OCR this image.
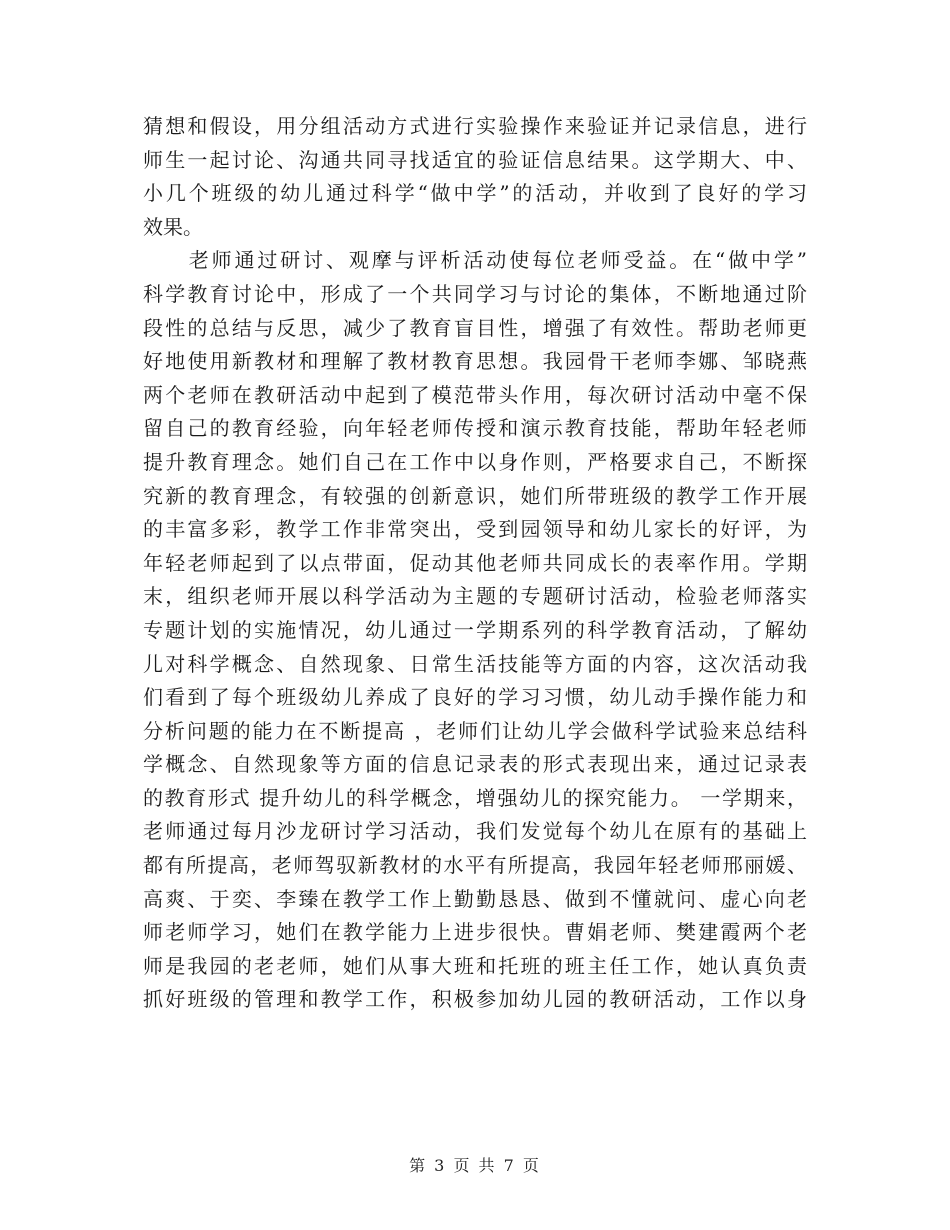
猜想和假设，用分组活动方式进行实验操作来验证并记录信息，进行
师生一起讨论、沟通共同寻找适宜的验证信息结果。这学期大、中、
小几个班级的幼儿通过科学“做中学”的活动，并收到了良好的学习
效果。
　　老师通过研讨、观摩与评析活动使每位老师受益。在“做中学”
科学教育讨论中，形成了一个共同学习与讨论的集体，不断地通过阶
段性的总结与反思，减少了教育盲目性，增强了有效性。帮助老师更
好地使用新教材和理解了教材教育思想。我园骨干老师李娜、邹晓燕
两个老师在教研活动中起到了模范带头作用，每次研讨活动中毫不保
留自己的教育经验，向年轻老师传授和演示教育技能，帮助年轻老师
提升教育理念。她们自己在工作中以身作则，严格要求自己，不断探
究新的教育理念，有较强的创新意识，她们所带班级的教学工作开展
的丰富多彩，教学工作非常突出，受到园领导和幼儿家长的好评，为
年轻老师起到了以点带面，促动其他老师共同成长的表率作用。学期
末，组织老师开展以科学活动为主题的专题研讨活动，检验老师落实
专题计划的实施情况，幼儿通过一学期系列的科学教育活动，了解幼
儿对科学概念、自然现象、日常生活技能等方面的内容，这次活动我
们看到了每个班级幼儿养成了良好的学习习惯，幼儿动手操作能力和
分析问题的能力在不断提高 ，老师们让幼儿学会做科学试验来总结科
学概念、自然现象等方面的信息记录表的形式表现出来，通过记录表
的教育形式 提升幼儿的科学概念，增强幼儿的探究能力。 一学期来，
老师通过每月沙龙研讨学习活动，我们发觉每个幼儿在原有的基础上
都有所提高，老师驾驭新教材的水平有所提高，我园年轻老师邢丽媛、
高爽、于奕、李臻在教学工作上勤勤恳恳、做到不懂就问、虚心向老
师老师学习，她们在教学能力上进步很快。曹娟老师、樊建霞两个老
师是我园的老老师，她们从事大班和托班的班主任工作，她认真负责
抓好班级的管理和教学工作，积极参加幼儿园的教研活动，工作以身
第 3 页 共 7 页
